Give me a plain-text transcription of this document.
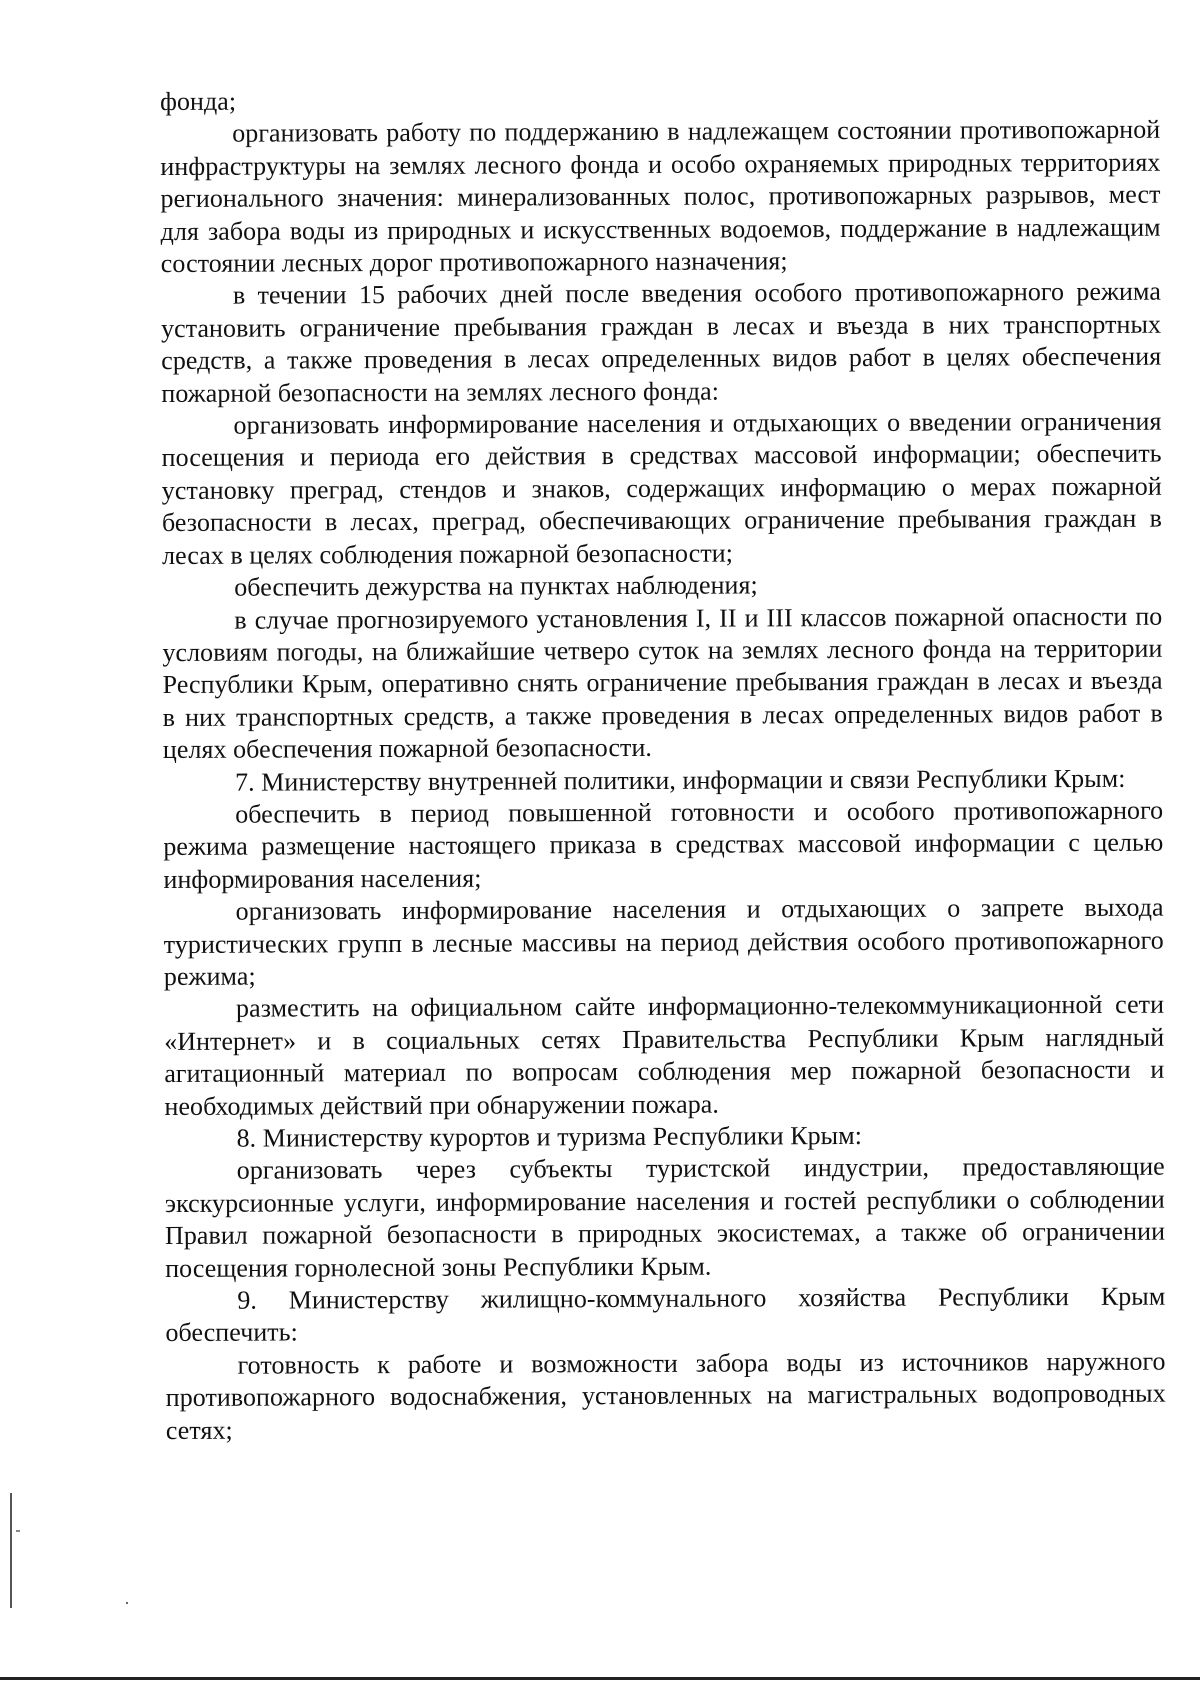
фонда;

организовать работу по поддержанию в надлежащем состоянии противопожарной инфраструктуры на землях лесного фонда и особо охраняемых природных территориях регионального значения: минерализованных полос, противопожарных разрывов, мест для забора воды из природных и искусственных водоемов, поддержание в надлежащим состоянии лесных дорог противопожарного назначения;

в течении 15 рабочих дней после введения особого противопожарного режима установить ограничение пребывания граждан в лесах и въезда в них транспортных средств, а также проведения в лесах определенных видов работ в целях обеспечения пожарной безопасности на землях лесного фонда:

организовать информирование населения и отдыхающих о введении ограничения посещения и периода его действия в средствах массовой информации; обеспечить установку преград, стендов и знаков, содержащих информацию о мерах пожарной безопасности в лесах, преград, обеспечивающих ограничение пребывания граждан в лесах в целях соблюдения пожарной безопасности;

обеспечить дежурства на пунктах наблюдения;

в случае прогнозируемого установления I, II и III классов пожарной опасности по условиям погоды, на ближайшие четверо суток на землях лесного фонда на территории Республики Крым, оперативно снять ограничение пребывания граждан в лесах и въезда в них транспортных средств, а также проведения в лесах определенных видов работ в целях обеспечения пожарной безопасности.

7. Министерству внутренней политики, информации и связи Республики Крым:

обеспечить в период повышенной готовности и особого противопожарного режима размещение настоящего приказа в средствах массовой информации с целью информирования населения;

организовать информирование населения и отдыхающих о запрете выхода туристических групп в лесные массивы на период действия особого противопожарного режима;

разместить на официальном сайте информационно-телекоммуникационной сети «Интернет» и в социальных сетях Правительства Республики Крым наглядный агитационный материал по вопросам соблюдения мер пожарной безопасности и необходимых действий при обнаружении пожара.

8. Министерству курортов и туризма Республики Крым:

организовать через субъекты туристской индустрии, предоставляющие экскурсионные услуги, информирование населения и гостей республики о соблюдении Правил пожарной безопасности в природных экосистемах, а также об ограничении посещения горнолесной зоны Республики Крым.

9. Министерству жилищно-коммунального хозяйства Республики Крым обеспечить:

готовность к работе и возможности забора воды из источников наружного противопожарного водоснабжения, установленных на магистральных водопроводных сетях;
